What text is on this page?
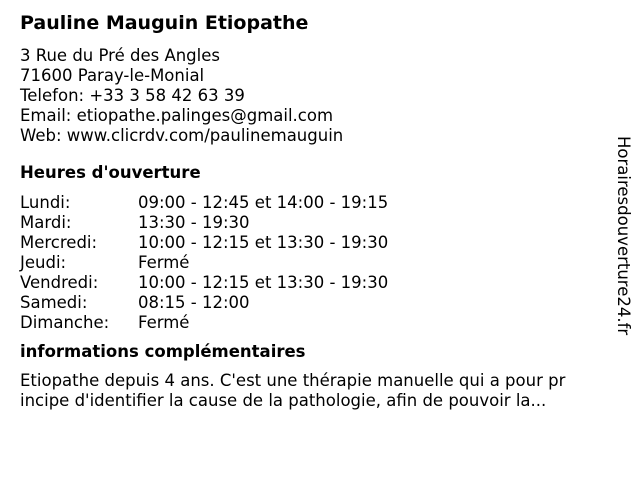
Pauline Mauguin Etiopathe
3 Rue du Pré des Angles
71600 Paray-le-Monial
Telefon: +33 3 58 42 63 39
Email: etiopathe.palinges@gmail.com
Web: www.clicrdv.com/paulinemauguin
Heures d'ouverture
Lundi:	09:00 - 12:45 et 14:00 - 19:15
Mardi:	13:30 - 19:30
Mercredi:	10:00 - 12:15 et 13:30 - 19:30
Jeudi:	Fermé
Vendredi:	10:00 - 12:15 et 13:30 - 19:30
Samedi:	08:15 - 12:00
Dimanche:	Fermé
informations complémentaires
Etiopathe depuis 4 ans. C'est une thérapie manuelle qui a pour pr
incipe d'identifier la cause de la pathologie, afin de pouvoir la...
Horairesdouverture24.fr
